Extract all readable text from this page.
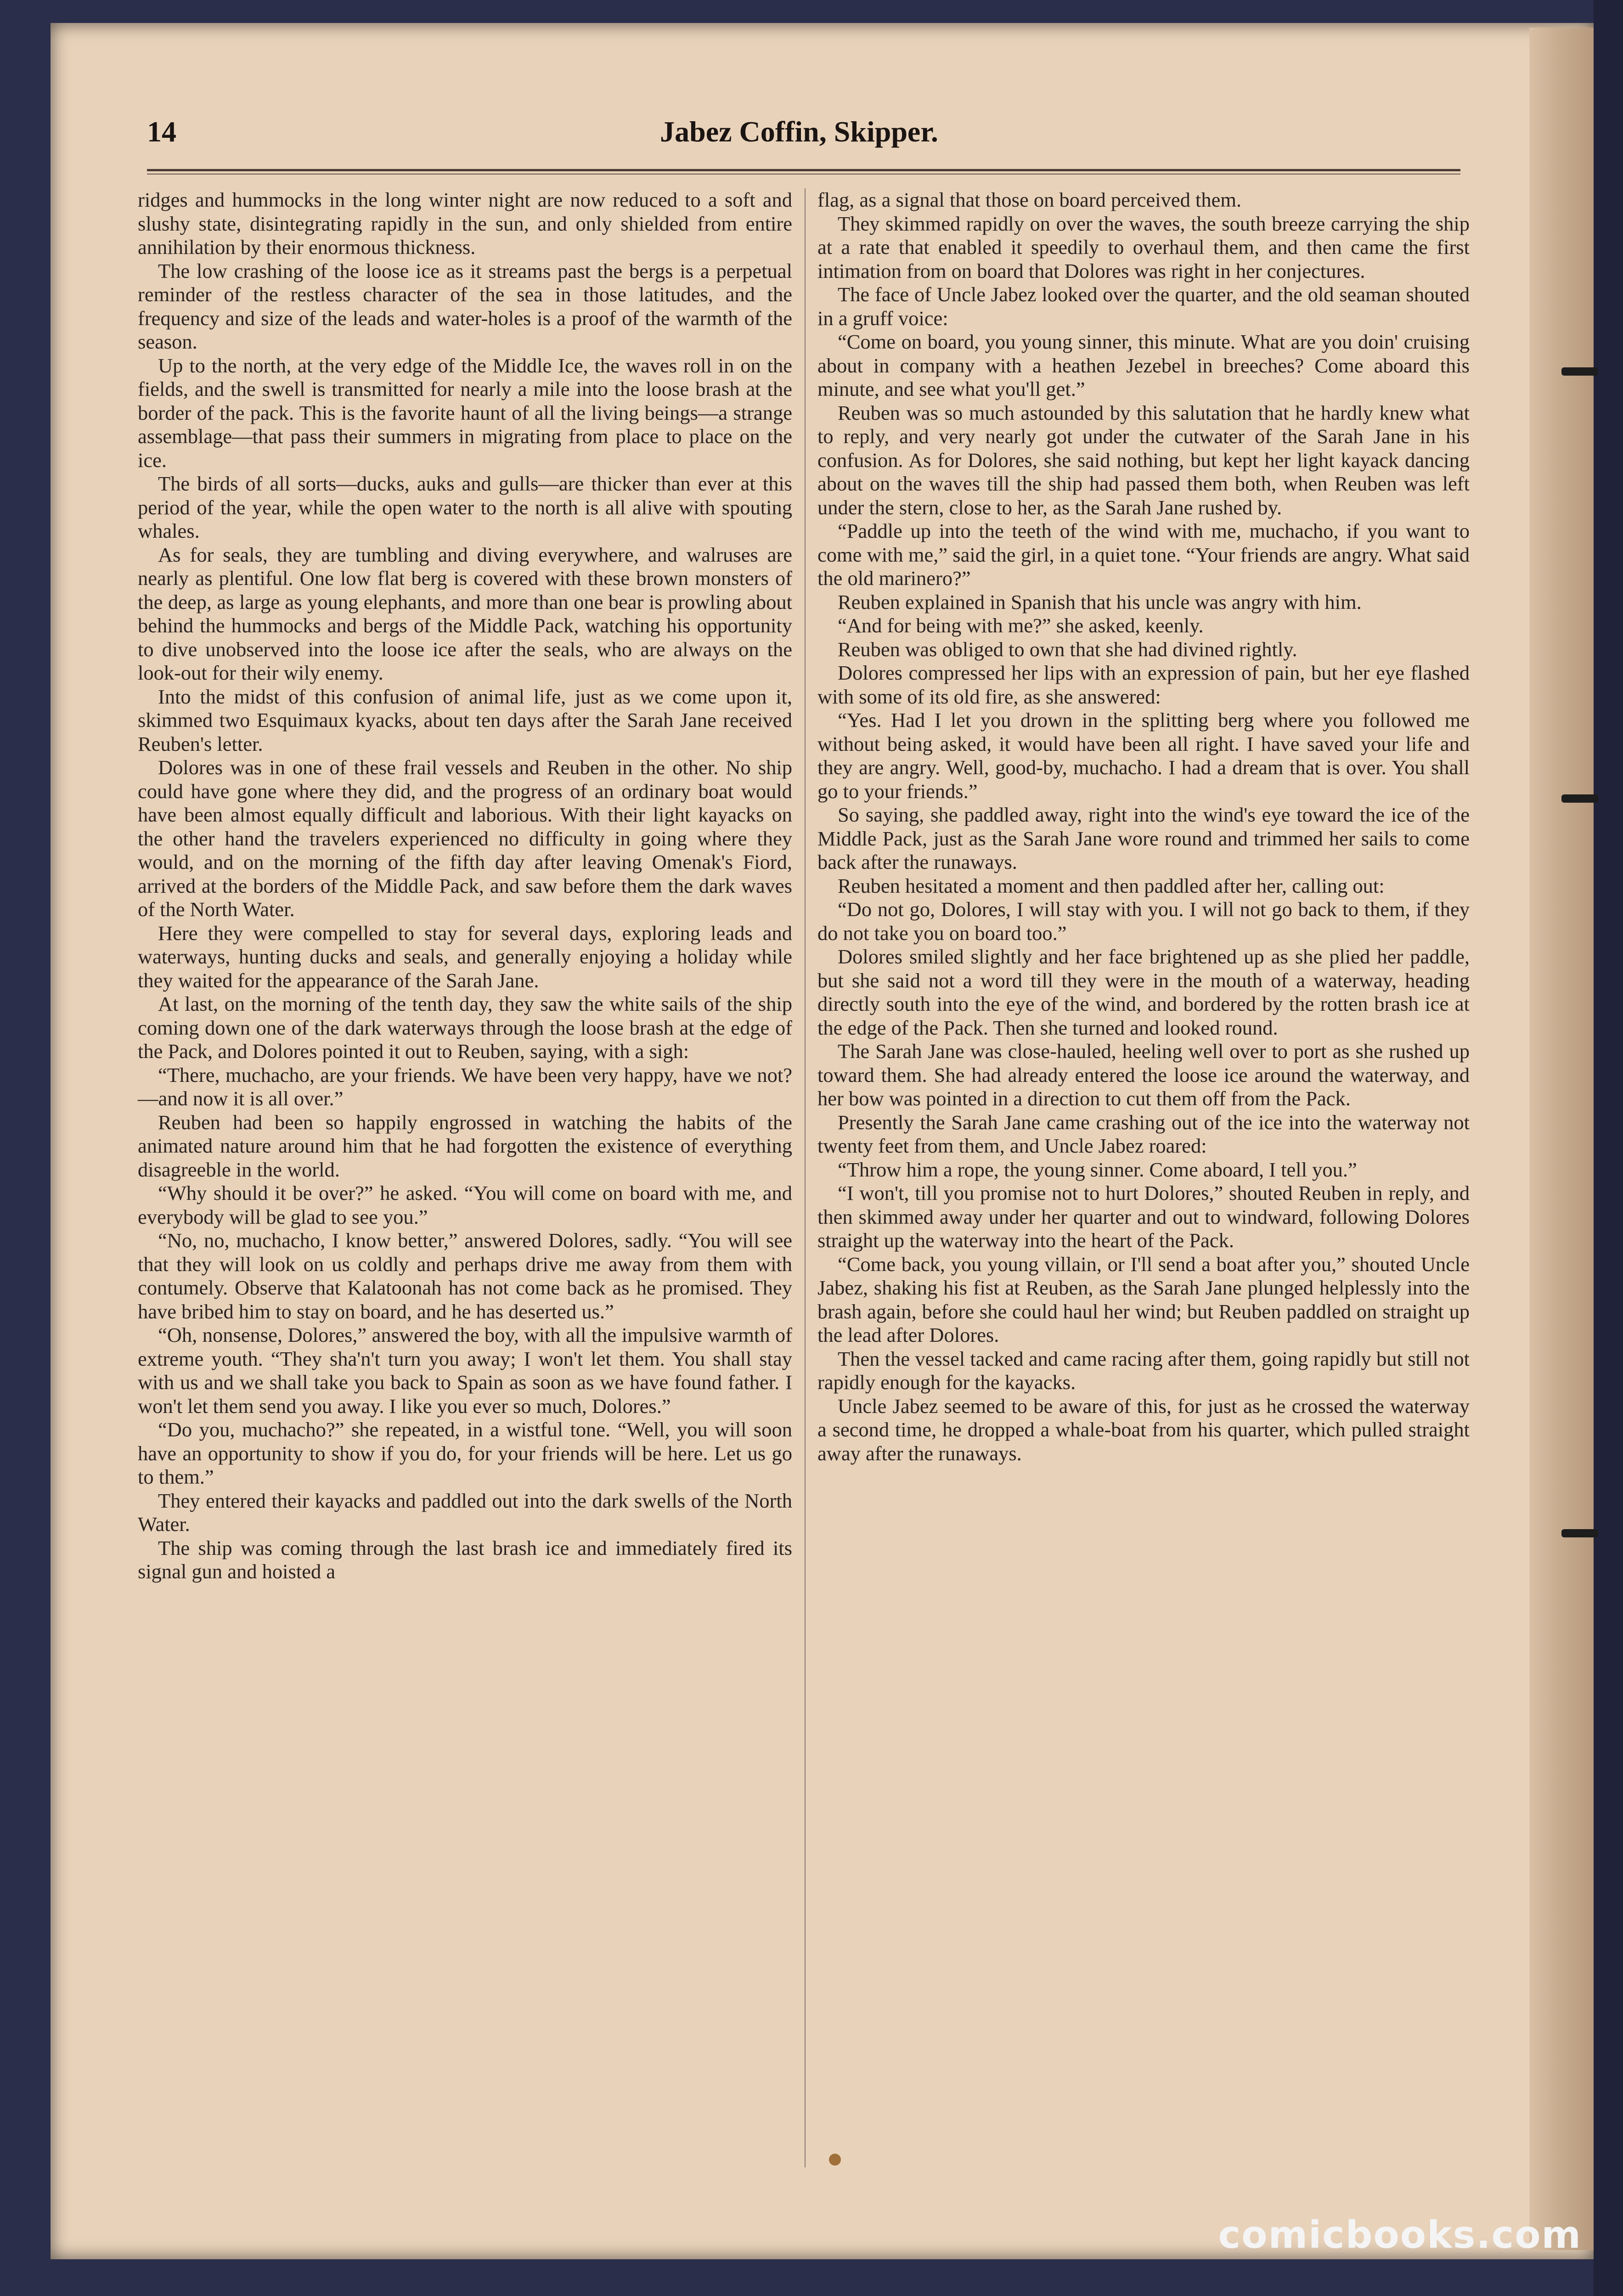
14	Jabez Coffin, Skipper.

ridges and hummocks in the long winter night are now reduced to a soft and slushy state, disintegrating rapidly in the sun, and only shielded from entire annihilation by their enormous thickness.

The low crashing of the loose ice as it streams past the bergs is a perpetual reminder of the restless character of the sea in those latitudes, and the frequency and size of the leads and water-holes is a proof of the warmth of the season.

Up to the north, at the very edge of the Middle Ice, the waves roll in on the fields, and the swell is transmitted for nearly a mile into the loose brash at the border of the pack. This is the favorite haunt of all the living beings—a strange assemblage—that pass their summers in migrating from place to place on the ice.

The birds of all sorts—ducks, auks and gulls—are thicker than ever at this period of the year, while the open water to the north is all alive with spouting whales.

As for seals, they are tumbling and diving everywhere, and walruses are nearly as plentiful. One low flat berg is covered with these brown monsters of the deep, as large as young elephants, and more than one bear is prowling about behind the hummocks and bergs of the Middle Pack, watching his opportunity to dive unobserved into the loose ice after the seals, who are always on the look-out for their wily enemy.

Into the midst of this confusion of animal life, just as we come upon it, skimmed two Esquimaux kyacks, about ten days after the Sarah Jane received Reuben's letter.

Dolores was in one of these frail vessels and Reuben in the other. No ship could have gone where they did, and the progress of an ordinary boat would have been almost equally difficult and laborious. With their light kayacks on the other hand the travelers experienced no difficulty in going where they would, and on the morning of the fifth day after leaving Omenak's Fiord, arrived at the borders of the Middle Pack, and saw before them the dark waves of the North Water.

Here they were compelled to stay for several days, exploring leads and waterways, hunting ducks and seals, and generally enjoying a holiday while they waited for the appearance of the Sarah Jane.

At last, on the morning of the tenth day, they saw the white sails of the ship coming down one of the dark waterways through the loose brash at the edge of the Pack, and Dolores pointed it out to Reuben, saying, with a sigh:

“There, muchacho, are your friends. We have been very happy, have we not?—and now it is all over.”

Reuben had been so happily engrossed in watching the habits of the animated nature around him that he had forgotten the existence of everything disagreeble in the world.

“Why should it be over?” he asked. “You will come on board with me, and everybody will be glad to see you.”

“No, no, muchacho, I know better,” answered Dolores, sadly. “You will see that they will look on us coldly and perhaps drive me away from them with contumely. Observe that Kalatoonah has not come back as he promised. They have bribed him to stay on board, and he has deserted us.”

“Oh, nonsense, Dolores,” answered the boy, with all the impulsive warmth of extreme youth. “They sha'n't turn you away; I won't let them. You shall stay with us and we shall take you back to Spain as soon as we have found father. I won't let them send you away. I like you ever so much, Dolores.”

“Do you, muchacho?” she repeated, in a wistful tone. “Well, you will soon have an opportunity to show if you do, for your friends will be here. Let us go to them.”

They entered their kayacks and paddled out into the dark swells of the North Water.

The ship was coming through the last brash ice and immediately fired its signal gun and hoisted a

flag, as a signal that those on board perceived them.

They skimmed rapidly on over the waves, the south breeze carrying the ship at a rate that enabled it speedily to overhaul them, and then came the first intimation from on board that Dolores was right in her conjectures.

The face of Uncle Jabez looked over the quarter, and the old seaman shouted in a gruff voice:

“Come on board, you young sinner, this minute. What are you doin' cruising about in company with a heathen Jezebel in breeches? Come aboard this minute, and see what you'll get.”

Reuben was so much astounded by this salutation that he hardly knew what to reply, and very nearly got under the cutwater of the Sarah Jane in his confusion. As for Dolores, she said nothing, but kept her light kayack dancing about on the waves till the ship had passed them both, when Reuben was left under the stern, close to her, as the Sarah Jane rushed by.

“Paddle up into the teeth of the wind with me, muchacho, if you want to come with me,” said the girl, in a quiet tone. “Your friends are angry. What said the old marinero?”

Reuben explained in Spanish that his uncle was angry with him.

“And for being with me?” she asked, keenly.

Reuben was obliged to own that she had divined rightly.

Dolores compressed her lips with an expression of pain, but her eye flashed with some of its old fire, as she answered:

“Yes. Had I let you drown in the splitting berg where you followed me without being asked, it would have been all right. I have saved your life and they are angry. Well, good-by, muchacho. I had a dream that is over. You shall go to your friends.”

So saying, she paddled away, right into the wind's eye toward the ice of the Middle Pack, just as the Sarah Jane wore round and trimmed her sails to come back after the runaways.

Reuben hesitated a moment and then paddled after her, calling out:

“Do not go, Dolores, I will stay with you. I will not go back to them, if they do not take you on board too.”

Dolores smiled slightly and her face brightened up as she plied her paddle, but she said not a word till they were in the mouth of a waterway, heading directly south into the eye of the wind, and bordered by the rotten brash ice at the edge of the Pack. Then she turned and looked round.

The Sarah Jane was close-hauled, heeling well over to port as she rushed up toward them. She had already entered the loose ice around the waterway, and her bow was pointed in a direction to cut them off from the Pack.

Presently the Sarah Jane came crashing out of the ice into the waterway not twenty feet from them, and Uncle Jabez roared:

“Throw him a rope, the young sinner. Come aboard, I tell you.”

“I won't, till you promise not to hurt Dolores,” shouted Reuben in reply, and then skimmed away under her quarter and out to windward, following Dolores straight up the waterway into the heart of the Pack.

“Come back, you young villain, or I'll send a boat after you,” shouted Uncle Jabez, shaking his fist at Reuben, as the Sarah Jane plunged helplessly into the brash again, before she could haul her wind; but Reuben paddled on straight up the lead after Dolores.

Then the vessel tacked and came racing after them, going rapidly but still not rapidly enough for the kayacks.

Uncle Jabez seemed to be aware of this, for just as he crossed the waterway a second time, he dropped a whale-boat from his quarter, which pulled straight away after the runaways.

comicbooks.com
